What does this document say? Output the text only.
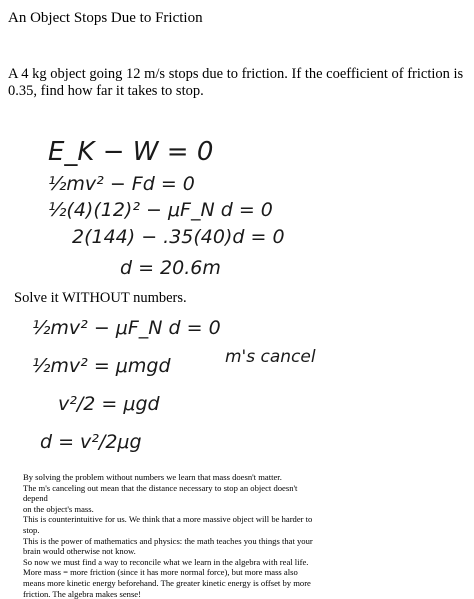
An Object Stops Due to Friction
A 4 kg object going 12 m/s stops due to friction. If the coefficient of friction is 0.35, find how far it takes to stop.
E_K − W = 0
½mv² − Fd = 0
½(4)(12)² − μF_N d = 0
2(144) − .35(40)d = 0
d = 20.6m
½mv² − μF_N d = 0
½mv² = μmgd	m's cancel
v²/2 = μgd
d = v²/2μg
Solve it WITHOUT numbers.

By solving the problem without numbers we learn that mass doesn't matter.

The m's canceling out mean that the distance necessary to stop an object doesn't depend

on the object's mass.

This is counterintuitive for us. We think that a more massive object will be harder to stop.

This is the power of mathematics and physics: the math teaches you things that your

brain would otherwise not know.

So now we must find a way to reconcile what we learn in the algebra with real life.

More mass = more friction (since it has more normal force), but more mass also

means more kinetic energy beforehand. The greater kinetic energy is offset by more

friction. The algebra makes sense!
